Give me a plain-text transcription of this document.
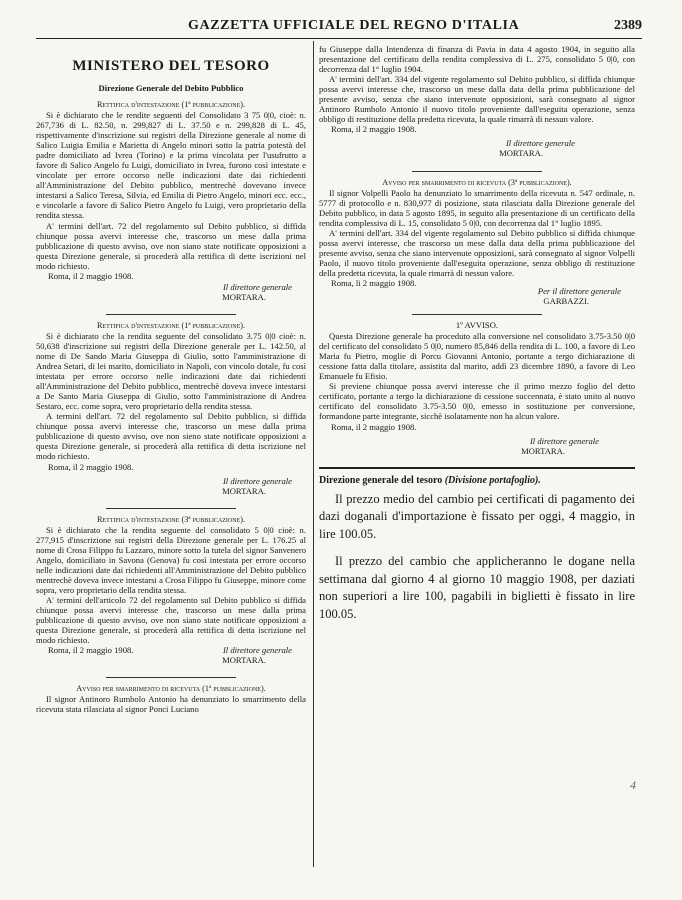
GAZZETTA UFFICIALE DEL REGNO D'ITALIA	2389
MINISTERO DEL TESORO
Direzione Generale del Debito Pubblico
Rettifica d'intestazione (1ª pubblicazione).

Si è dichiarato che le rendite seguenti del Consolidato 3 75 0|0, cioè: n. 267,736 di L. 82.50, n. 299,827 di L. 37.50 e n. 299,828 di L. 45, rispettivamente d'inscrizione sui registri della Direzione generale al nome di Salico Luigia Emilia e Marietta di Angelo minori sotto la patria potestà del padre domiciliato ad Ivrea (Torino) e la prima vincolata per l'usufrutto a favore di Salico Angelo fu Luigi, domiciliato in Ivrea, furono così intestate e vincolate per errore occorso nelle indicazioni date dai richiedenti all'Amministrazione del Debito pubblico, mentrechè dovevano invece intestarsi a Salico Teresa, Silvia, ed Emilia di Pietro Angelo, minori ecc. ecc., e vincolarle a favore di Salico Pietro Angelo fu Luigi, vero proprietario della rendita stessa.

A' termini dell'art. 72 del regolamento sul Debito pubblico, si diffida chiunque possa avervi interesse che, trascorso un mese dalla prima pubblicazione di questo avviso, ove non siano state notificate opposizioni a questa Direzione generale, si procederà alla rettifica di dette iscrizioni nel modo richiesto.

Roma, il 2 maggio 1908.

Il direttore generale

MORTARA.

Rettifica d'intestazione (1ª pubblicazione).

Si è dichiarato che la rendita seguente del consolidato 3.75 0|0 cioè: n. 50,638 d'inscrizione sui registri della Direzione generale per L. 142.50, al nome di De Sando Maria Giuseppa di Giulio, sotto l'amministrazione di Andrea Setari, di lei marito, domiciliato in Napoli, con vincolo dotale, fu così intestata per errore occorso nelle indicazioni date dai richiedenti all'Amministrazione del Debito pubblico, mentrechè doveva invece intestarsi a De Santo Maria Giuseppa di Giulio, sotto l'amministrazione di Andrea Sestaro, ecc. come sopra, vero proprietario della rendita stessa.

A termini dell'art. 72 del regolamento sul Debito pubblico, si diffida chiunque possa avervi interesse che, trascorso un mese dalla prima pubblicazione di questo avviso, ove non sieno state notificate opposizioni a questa Direzione generale, si procederà alla rettifica di detta iscrizione nel modo richiesto.

Roma, il 2 maggio 1908.

Il direttore generale

MORTARA.

Rettifica d'intestazione (3ª pubblicazione).

Si è dichiarato che la rendita seguente del consolidato 5 0|0 cioè: n. 277,915 d'inscrizione sui registri della Direzione generale per L. 176.25 al nome di Crosa Filippo fu Lazzaro, minore sotto la tutela del signor Sanvenero Angelo, domiciliato in Savona (Genova) fu così intestata per errore occorso nelle indicazioni date dai richiedenti all'Amministrazione del Debito pubblico mentrechè doveva invece intestarsi a Crosa Filippo fu Giuseppe, minore come sopra, vero proprietario della rendita stessa.

A' termini dell'articolo 72 del regolamento sul Debito pubblico si diffida chiunque possa avervi interesse che, trascorso un mese dalla prima pubblicazione di questo avviso, ove non siano state notificate opposizioni a questa Direzione generale, si procederà alla rettifica di detta iscrizione nel modo richiesto.

Roma, il 2 maggio 1908.	Il direttore generale

MORTARA.

Avviso per smarrimento di ricevuta (1ª pubblicazione).

Il signor Antinoro Rumbolo Antonio ha denunziato lo smarrimento della ricevuta stata rilasciata al signor Ponci Luciano

fu Giuseppe dalla Intendenza di finanza di Pavia in data 4 agosto 1904, in seguito alla presentazione del certificato della rendita complessiva di L. 275, consolidato 5 0|0, con decorrenza dal 1° luglio 1904.

A' termini dell'art. 334 del vigente regolamento sul Debito pubblico, si diffida chiunque possa avervi interesse che, trascorso un mese dalla data della prima pubblicazione del presente avviso, senza che siano intervenute opposizioni, sarà consegnato al signor Antinoro Rumbolo Antonio il nuovo titolo proveniente dall'eseguita operazione, senza obbligo di restituzione della predetta ricevuta, la quale rimarrà di nessun valore.

Roma, il 2 maggio 1908.

Il direttore generale

MORTARA.

Avviso per smarrimento di ricevuta (3ª pubblicazione).

Il signor Volpelli Paolo ha denunziato lo smarrimento della ricevuta n. 547 ordinale, n. 5777 di protocollo e n. 830,977 di posizione, stata rilasciata dalla Direzione generale del Debito pubblico, in data 5 agosto 1895, in seguito alla presentazione di un certificato della rendita complessiva di L. 15, consolidato 5 0|0, con decorrenza dal 1° luglio 1895.

A' termini dell'art. 334 del vigente regolamento sul Debito pubblico si diffida chiunque possa avervi interesse, che trascorso un mese dalla data della prima pubblicazione del presente avviso, senza che siano intervenute opposizioni, sarà consegnato al signor Volpelli Paolo, il nuovo titolo proveniente dall'eseguita operazione, senza obbligo di restituzione della predetta ricevuta, la quale rimarrà di nessun valore.

Roma, li 2 maggio 1908.

Per il direttore generale

GARBAZZI.

1º AVVISO.

Questa Direzione generale ha proceduto alla conversione nel consolidato 3.75-3.50 0|0 del certificato del consolidato 5 0|0, numero 85,846 della rendita di L. 100, a favore di Leo Maria fu Pietro, moglie di Porcu Giovanni Antonio, portante a tergo dichiarazione di cessione fatta dalla titolare, assistita dal marito, addì 23 dicembre 1890, a favore di Leo Emanuele fu Efisio.

Si previene chiunque possa avervi interesse che il primo mezzo foglio del detto certificato, portante a tergo la dichiarazione di cessione succennata, è stato unito al nuovo certificato del consolidato 3.75-3.50 0|0, emesso in sostituzione per conversione, formandone parte integrante, sicchè isolatamente non ha alcun valore.

Roma, il 2 maggio 1908.

Il direttore generale

MORTARA.

Direzione generale del tesoro (Divisione portafoglio).

Il prezzo medio del cambio pei certificati di pagamento dei dazi doganali d'importazione è fissato per oggi, 4 maggio, in lire 100.05.

Il prezzo del cambio che applicheranno le dogane nella settimana dal giorno 4 al giorno 10 maggio 1908, per daziati non superiori a lire 100, pagabili in biglietti è fissato in lire 100.05.

4
